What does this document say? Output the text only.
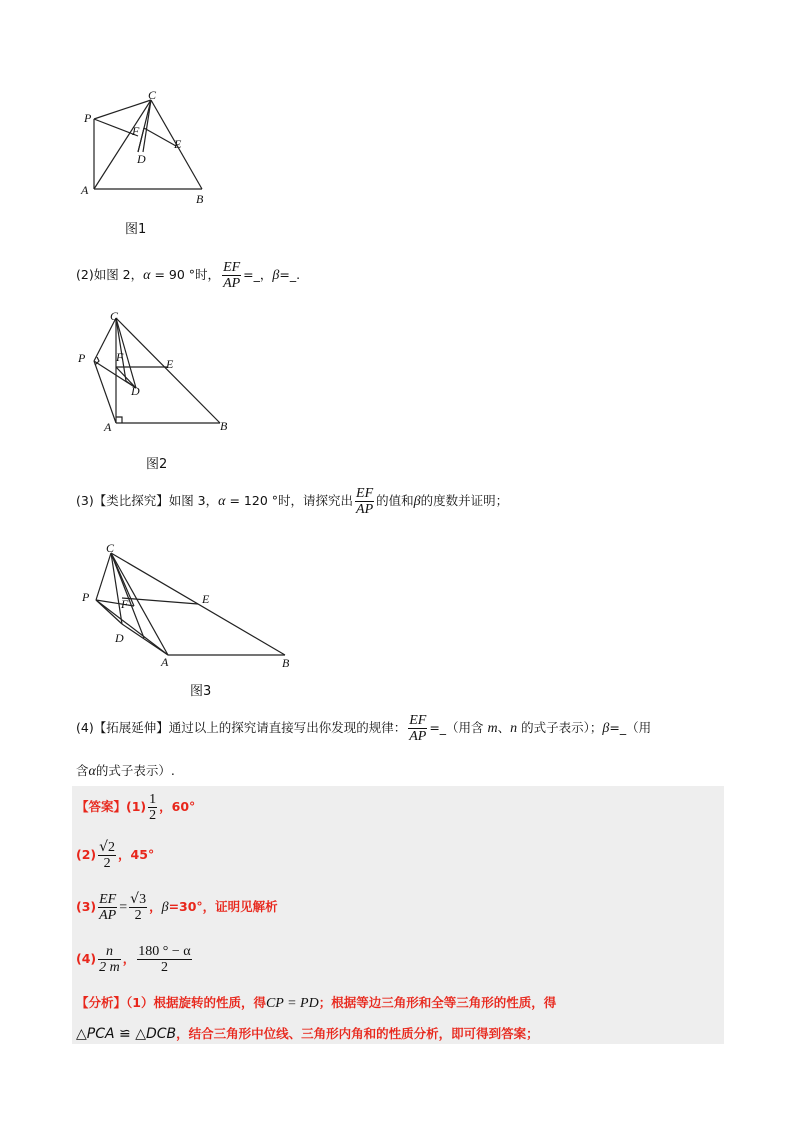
P
C
F
D
E
A
B
图1
(2)如图 2，α = 90 °时， $\frac{EF}{AP}$ =_，β=_.
C
P	F
D
E
A	B
图2
(3)【类比探究】如图 3，α = 120 °时，请探究出 $\frac{EF}{AP}$ 的值和β的度数并证明；
C
P	F
D
E
A	B
图3
(4)【拓展延伸】通过以上的探究请直接写出你发现的规律： $\frac{EF}{AP}$ =_（用含 m、n 的式子表示）；β=_（用
含α的式子表示）.
【答案】$(1) \frac{1}{2}$ ，60°
$(2) \frac{√2}{2}$ ，45°
$(3) \frac{EF}{AP} = \frac{√3}{2}$ ，β=30°，证明见解析
$(4) \frac{n}{2 m}$ ， $\frac{180 ^\circ - \alpha}{2}$
【分析】（1）根据旋转的性质，得CP = PD；根据等边三角形和全等三角形的性质，得
△PCA ≌ △DCB，结合三角形中位线、三角形内角和的性质分析，即可得到答案；
